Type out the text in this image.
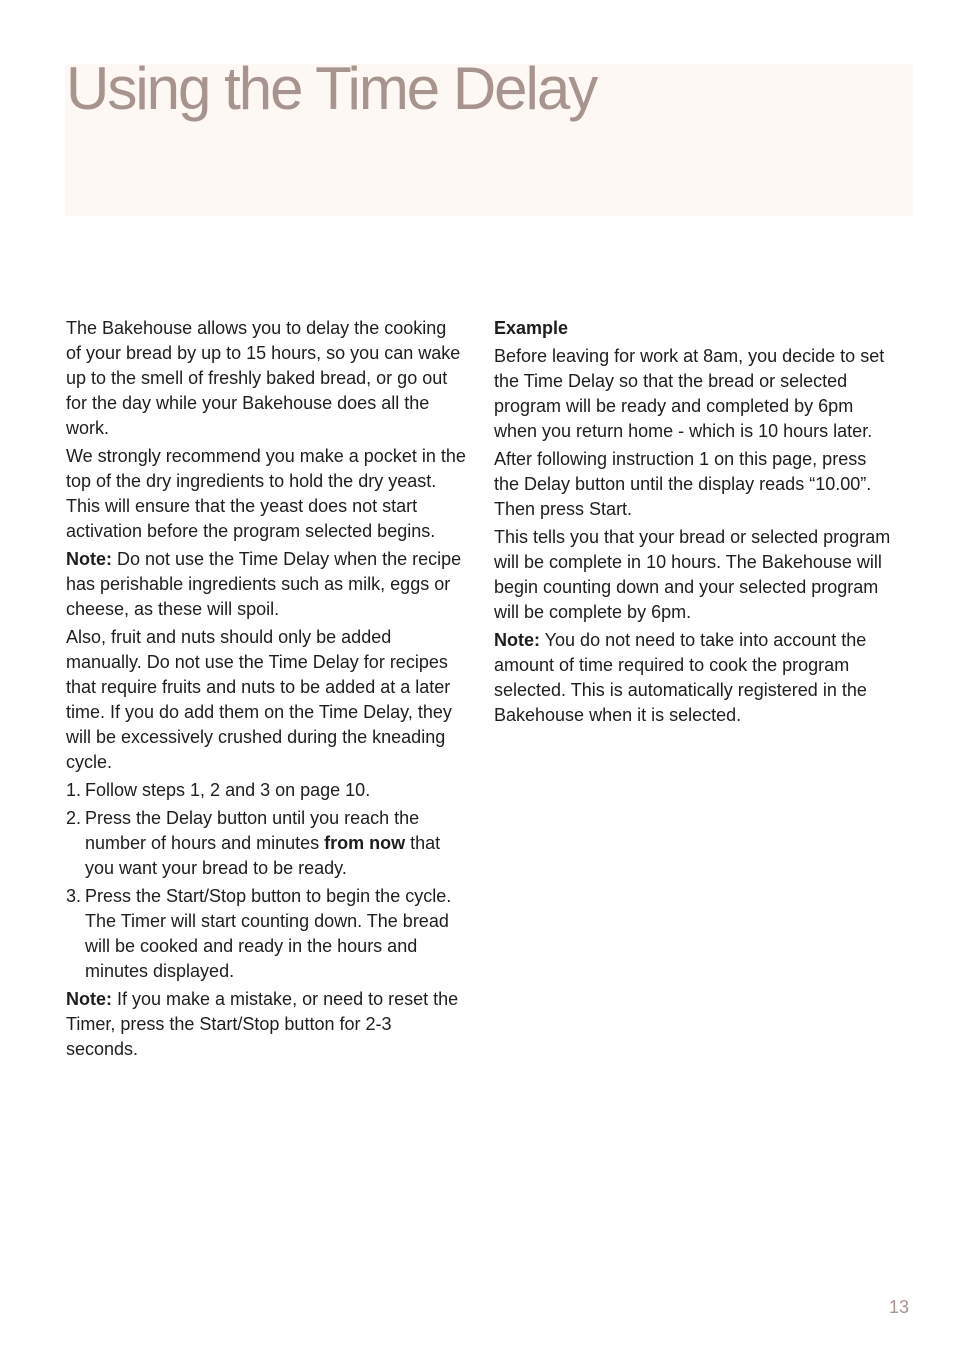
Using the Time Delay

The Bakehouse allows you to delay the cooking of your bread by up to 15 hours, so you can wake up to the smell of freshly baked bread, or go out for the day while your Bakehouse does all the work.

We strongly recommend you make a pocket in the top of the dry ingredients to hold the dry yeast. This will ensure that the yeast does not start activation before the program selected begins.

Note: Do not use the Time Delay when the recipe has perishable ingredients such as milk, eggs or cheese, as these will spoil.

Also, fruit and nuts should only be added manually. Do not use the Time Delay for recipes that require fruits and nuts to be added at a later time. If you do add them on the Time Delay, they will be excessively crushed during the kneading cycle.

1. Follow steps 1, 2 and 3 on page 10.
2. Press the Delay button until you reach the number of hours and minutes from now that you want your bread to be ready.
3. Press the Start/Stop button to begin the cycle. The Timer will start counting down. The bread will be cooked and ready in the hours and minutes displayed.

Note: If you make a mistake, or need to reset the Timer, press the Start/Stop button for 2-3 seconds.

Example

Before leaving for work at 8am, you decide to set the Time Delay so that the bread or selected program will be ready and completed by 6pm when you return home - which is 10 hours later.

After following instruction 1 on this page, press the Delay button until the display reads “10.00”. Then press Start.

This tells you that your bread or selected program will be complete in 10 hours. The Bakehouse will begin counting down and your selected program will be complete by 6pm.

Note: You do not need to take into account the amount of time required to cook the program selected. This is automatically registered in the Bakehouse when it is selected.

13
